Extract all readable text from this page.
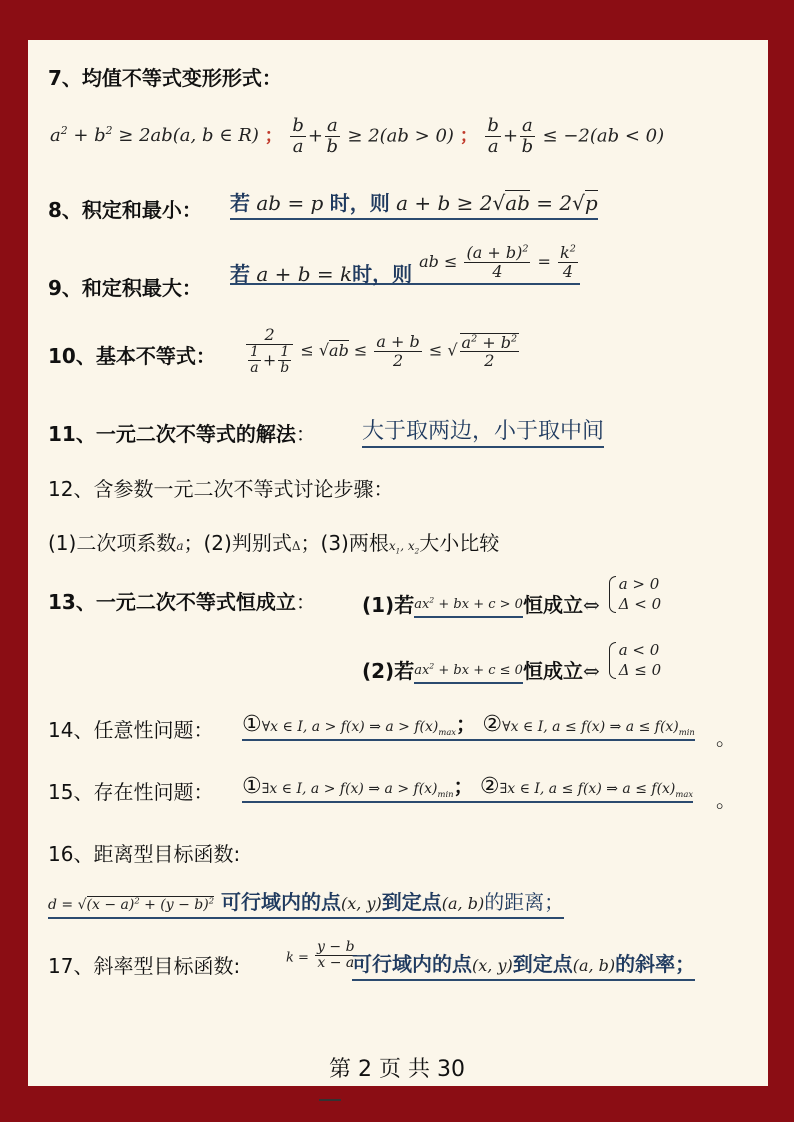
7、均值不等式变形形式：
$a^2 + b^2 \ge 2ab(a$, b ∈ R) ； $\frac{b}{a} + \frac{a}{b} \ge 2(ab > 0)$ ； $\frac{b}{a} + \frac{a}{b} \le -2(ab < 0)$
8、积定和最小： 若 ab = p 时，则 a + b ≥ 2√ab = 2√p
9、和定积最大：
若 a + b = k时，则 ab ≤ $\frac{(a + b)^2}{4} = \frac{k^2}{4}$
10、基本不等式： $\frac{2}{\frac{1}{a} + \frac{1}{b}} \le √ab \le \frac{a + b}{2}$ ≤ √ $\frac{a^2 + b^2}{2}$
11、一元二次不等式的解法： 大于取两边，小于取中间
12、含参数一元二次不等式讨论步骤：
(1)二次项系数a；(2)判别式Δ；(3)两根$x_1$, $x_2$大小比较
13、一元二次不等式恒成立： (1)若$_{ax^2 + bx + c > 0}$恒成立⇔
a > 0
Δ < 0
(2)若$_{ax^2 + bx + c \le 0}$恒成立⇔
a < 0
Δ ≤ 0
14、任意性问题： ①∀x ∈ I, a > f(x) ⇒ $a > f(x)_{max}$； ②∀x ∈ I, a ≤ f(x) ⇒ $a \le f(x)_{min}$ 。
15、存在性问题： ①∃x ∈ I, a > f(x) ⇒ $a > f(x)_{min}$； ②∃x ∈ I, a ≤ f(x) ⇒ $a \le f(x)_{max}$ 。
16、距离型目标函数:
$d = √(x - a)^2 + (y - b)^2$ 可行域内的点(x, y)到定点(a, b)的距离；
17、斜率型目标函数:	$k = \frac{y - b}{x - a}$
可行域内的点(x, y)到定点(a, b)的斜率；
第 2 页 共 30
